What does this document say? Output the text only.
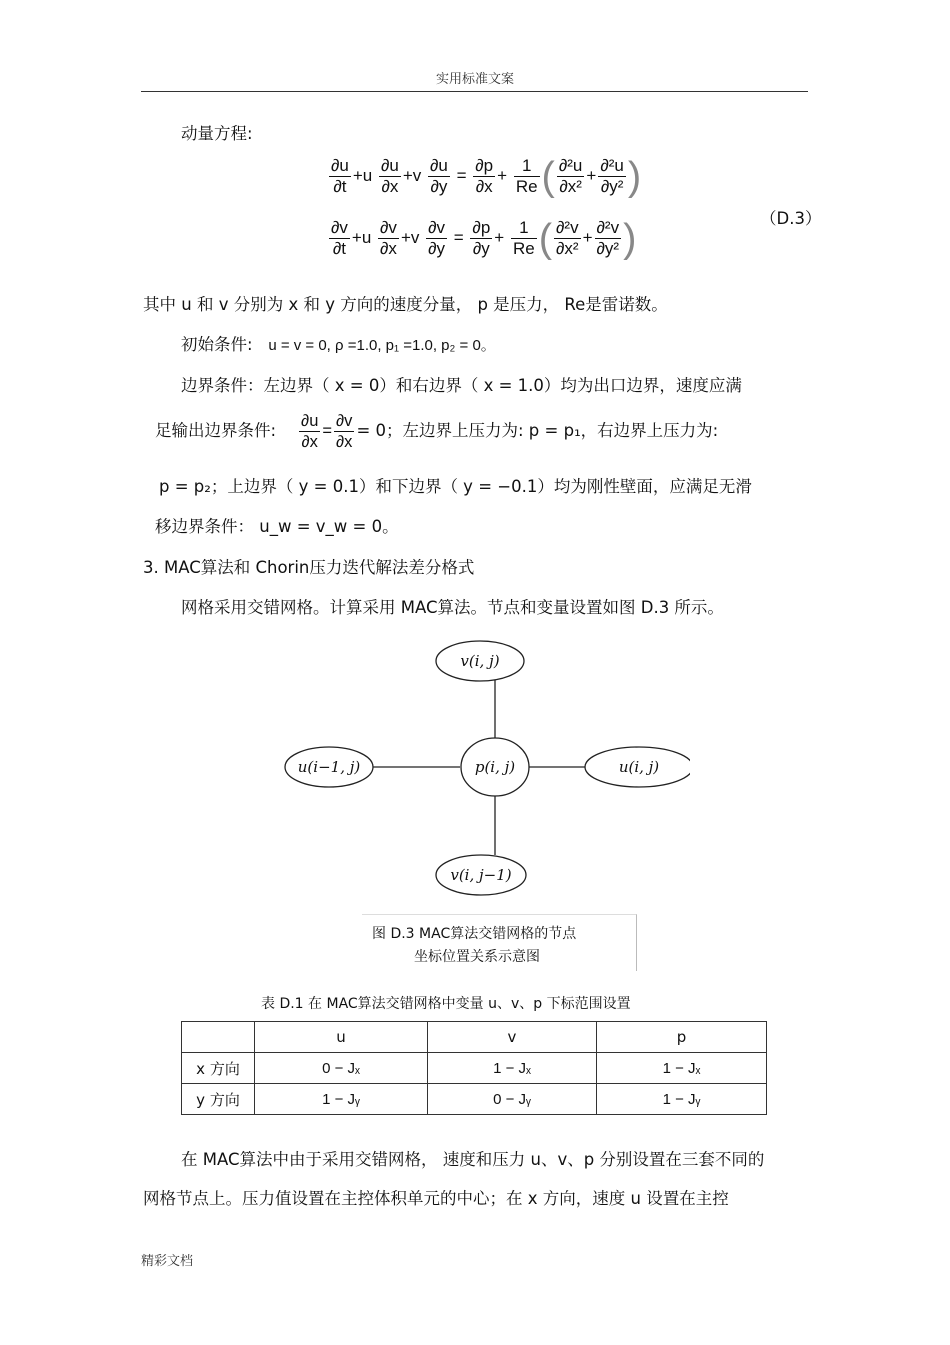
实用标准文案
动量方程:
$\frac{\partial u}{\partial t} +u \frac{\partial u}{\partial x} +v \frac{\partial u}{\partial y} = \frac{\partial p}{\partial x} + \frac{1}{Re}$ ( $\frac{\text{∂²u}}{\text{∂x²}} + \frac{\text{∂²u}}{\text{∂y²}}$ )
$\frac{\partial v}{\partial t} +u \frac{\partial v}{\partial x} +v \frac{\partial v}{\partial y} = \frac{\partial p}{\partial y} + \frac{1}{Re}$ ( $\frac{\text{∂²v}}{\text{∂x²}} + \frac{\text{∂²v}}{\text{∂y²}}$ )	（D.3）
其中 u 和 v 分别为 x 和 y 方向的速度分量， p 是压力， Re是雷诺数。
初始条件: u = v = 0, ρ =1.0, p₁ =1.0, p₂ = 0。
边界条件：左边界（ x = 0）和右边界（ x = 1.0）均为出口边界，速度应满
足输出边界条件: $\frac{\partial u}{\partial x} = \frac{\partial v}{\partial x} = 0$；左边界上压力为: p = p₁，右边界上压力为:
p = p₂；上边界（ y = 0.1）和下边界（ y = −0.1）均为刚性壁面，应满足无滑
移边界条件： u_w = v_w = 0。
3. MAC算法和 Chorin压力迭代解法差分格式
网格采用交错网格。计算采用 MAC算法。节点和变量设置如图 D.3 所示。
v(i, j)
u(i−1, j)	p(i, j)	u(i, j)
v(i, j−1)
图 D.3 MAC算法交错网格的节点
坐标位置关系示意图
表 D.1 在 MAC算法交错网格中变量 u、v、p 下标范围设置
	u	v	p
x 方向	0 − Jₓ	1 − Jₓ	1 − Jₓ
y 方向	1 − Jᵧ	0 − Jᵧ	1 − Jᵧ
在 MAC算法中由于采用交错网格， 速度和压力 u、v、p 分别设置在三套不同的
网格节点上。压力值设置在主控体积单元的中心；在 x 方向，速度 u 设置在主控
精彩文档
